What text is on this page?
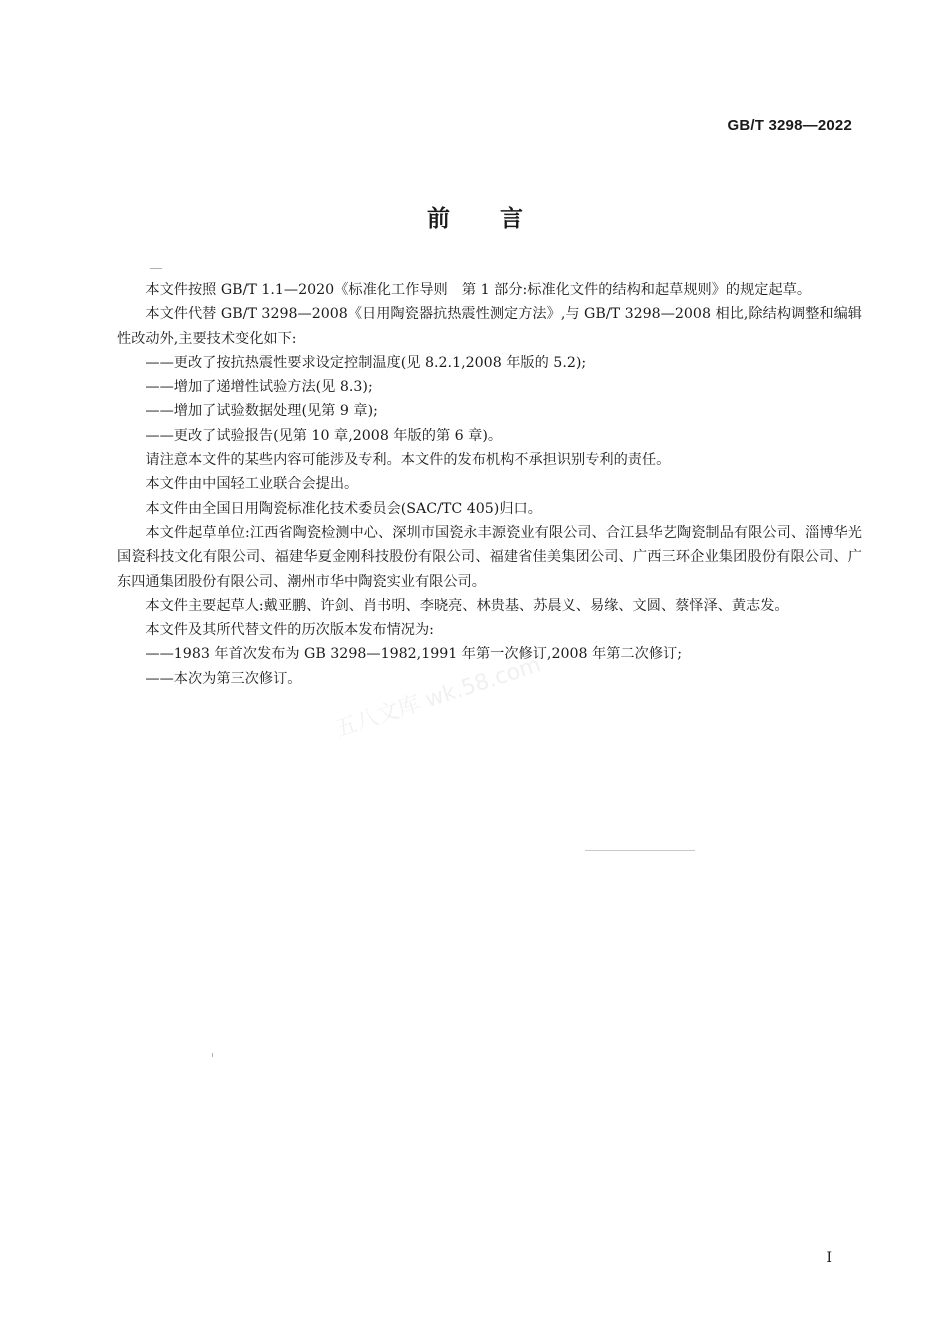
GB/T 3298—2022
前言

本文件按照 GB/T 1.1—2020《标准化工作导则　第 1 部分:标准化文件的结构和起草规则》的规定起草。

本文件代替 GB/T 3298—2008《日用陶瓷器抗热震性测定方法》,与 GB/T 3298—2008 相比,除结构调整和编辑性改动外,主要技术变化如下:

——更改了按抗热震性要求设定控制温度(见 8.2.1,2008 年版的 5.2);

——增加了递增性试验方法(见 8.3);

——增加了试验数据处理(见第 9 章);

——更改了试验报告(见第 10 章,2008 年版的第 6 章)。

请注意本文件的某些内容可能涉及专利。本文件的发布机构不承担识别专利的责任。

本文件由中国轻工业联合会提出。

本文件由全国日用陶瓷标准化技术委员会(SAC/TC 405)归口。

本文件起草单位:江西省陶瓷检测中心、深圳市国瓷永丰源瓷业有限公司、合江县华艺陶瓷制品有限公司、淄博华光国瓷科技文化有限公司、福建华夏金刚科技股份有限公司、福建省佳美集团公司、广西三环企业集团股份有限公司、广东四通集团股份有限公司、潮州市华中陶瓷实业有限公司。

本文件主要起草人:戴亚鹏、许剑、肖书明、李晓亮、林贵基、苏晨义、易缘、文圆、蔡怿泽、黄志发。

本文件及其所代替文件的历次版本发布情况为:

——1983 年首次发布为 GB 3298—1982,1991 年第一次修订,2008 年第二次修订;

——本次为第三次修订。	五八文库 wk.58.com
I
